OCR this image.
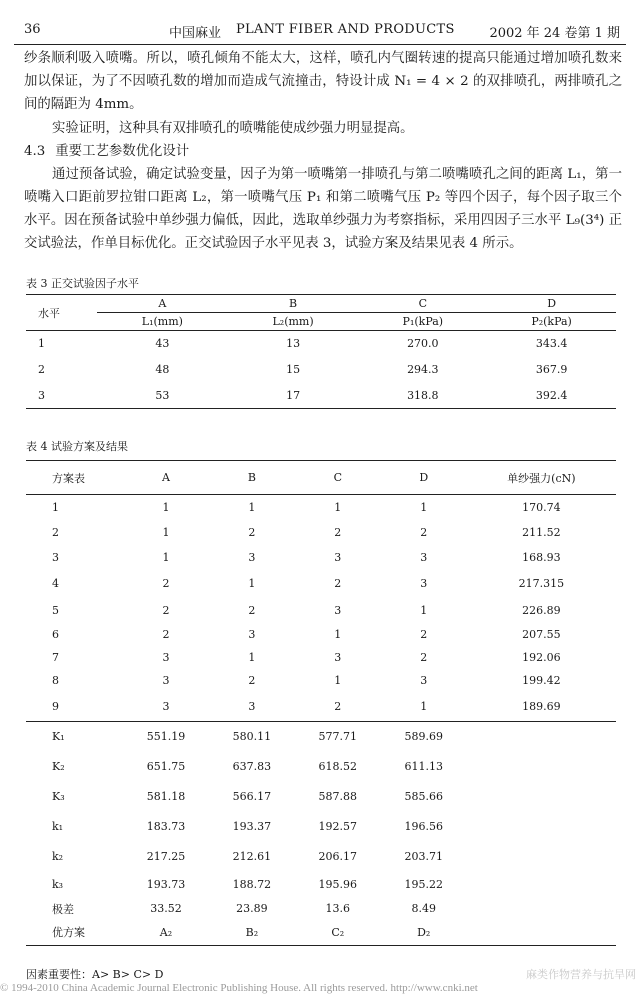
36	中国麻业 PLANT FIBER AND PRODUCTS	2002 年 24 卷第 1 期
纱条顺利吸入喷嘴。所以，喷孔倾角不能太大，这样，喷孔内气圈转速的提高只能通过增加喷孔数来加以保证，为了不因喷孔数的增加而造成气流撞击，特设计成 N₁ = 4 × 2 的双排喷孔，两排喷孔之间的隔距为 4mm。
实验证明，这种具有双排喷孔的喷嘴能使成纱强力明显提高。
4.3 重要工艺参数优化设计
通过预备试验，确定试验变量，因子为第一喷嘴第一排喷孔与第二喷嘴喷孔之间的距离 L₁，第一喷嘴入口距前罗拉钳口距离 L₂，第一喷嘴气压 P₁ 和第二喷嘴气压 P₂ 等四个因子，每个因子取三个水平。因在预备试验中单纱强力偏低，因此，选取单纱强力为考察指标，采用四因子三水平 L₉(3⁴) 正交试验法，作单目标优化。正交试验因子水平见表 3，试验方案及结果见表 4 所示。
表 3 正交试验因子水平
水平	A	B	C	D
	L₁(mm)	L₂(mm)	P₁(kPa)	P₂(kPa)
1	43	13	270.0	343.4
2	48	15	294.3	367.9
3	53	17	318.8	392.4
表 4 试验方案及结果
方案表	A	B	C	D	单纱强力(cN)
1	1	1	1	1	170.74
2	1	2	2	2	211.52
3	1	3	3	3	168.93
4	2	1	2	3	217.315
5	2	2	3	1	226.89
6	2	3	1	2	207.55
7	3	1	3	2	192.06
8	3	2	1	3	199.42
9	3	3	2	1	189.69
K₁	551.19	580.11	577.71	589.69	
K₂	651.75	637.83	618.52	611.13	
K₃	581.18	566.17	587.88	585.66	
k₁	183.73	193.37	192.57	196.56	
k₂	217.25	212.61	206.17	203.71	
k₃	193.73	188.72	195.96	195.22	
极差	33.52	23.89	13.6	8.49	
优方案	A₂	B₂	C₂	D₂	
因素重要性：A> B> C> D	麻类作物营养与抗旱网
© 1994-2010 China Academic Journal Electronic Publishing House. All rights reserved. http://www.cnki.net
